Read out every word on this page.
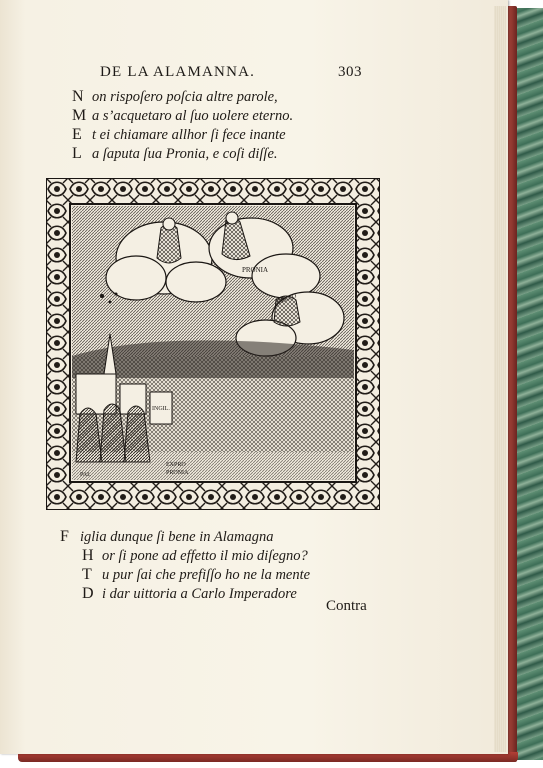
DE LA ALAMANNA.	303
N on rispoſero poſcia altre parole,
M a s’acquetaro al ſuo uolere eterno.
E t ei chiamare allhor ſi fece inante
L a ſaputa ſua Pronia, e coſi diſſe.
PRONIA
CERCO
INGIL.
PAL
EXPRO
PRONIA
F iglia dunque ſi bene in Alamagna
H or ſi pone ad effetto il mio diſegno?
T u pur ſai che prefiſſo ho ne la mente
D i dar uittoria a Carlo Imperadore
Contra
